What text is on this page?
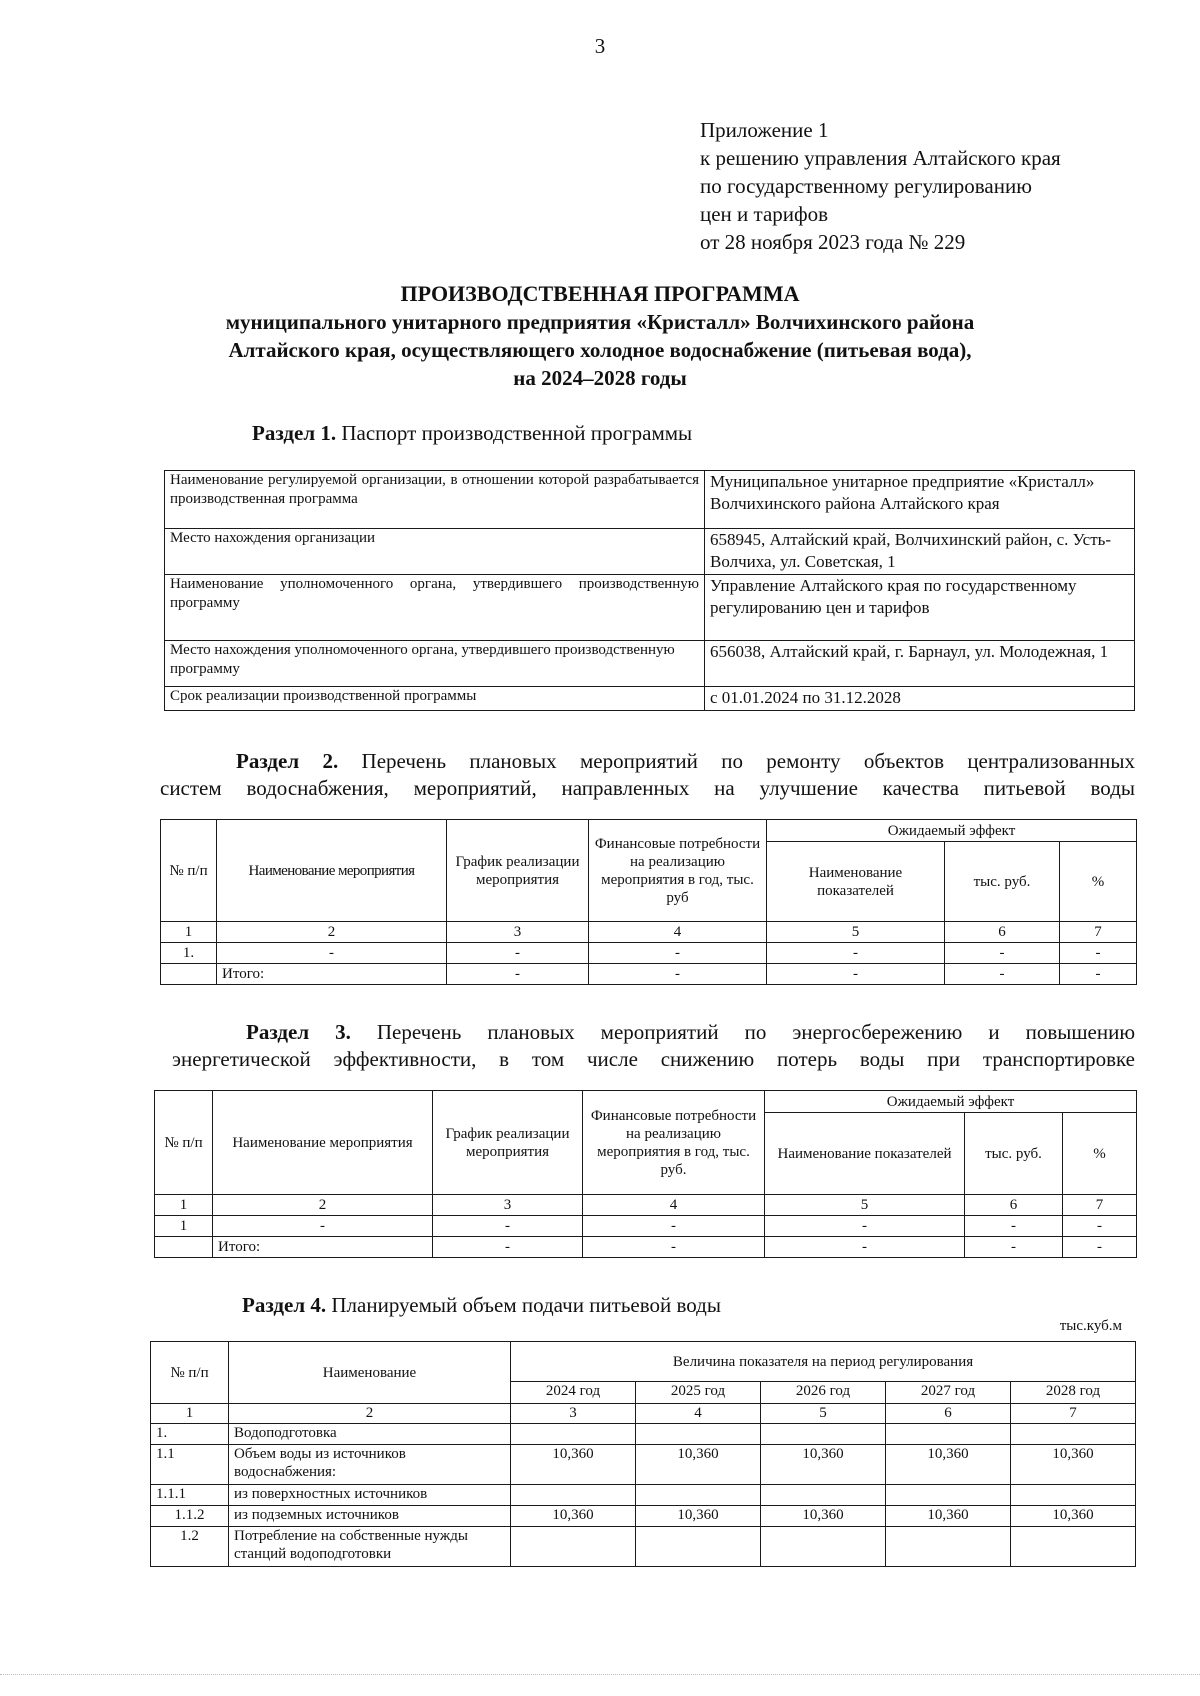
3
Приложение 1
к решению управления Алтайского края
по государственному регулированию
цен и тарифов
от 28 ноября 2023 года № 229
ПРОИЗВОДСТВЕННАЯ ПРОГРАММА
муниципального унитарного предприятия «Кристалл» Волчихинского района
Алтайского края, осуществляющего холодное водоснабжение (питьевая вода),
на 2024–2028 годы
Раздел 1. Паспорт производственной программы
Наименование регулируемой организации, в отношении которой разрабатывается производственная программа	Муниципальное унитарное предприятие «Кристалл» Волчихинского района Алтайского края
Место нахождения организации	658945, Алтайский край, Волчихинский район, с. Усть-Волчиха, ул. Советская, 1
Наименование уполномоченного органа, утвердившего производственную программу	Управление Алтайского края по государственному регулированию цен и тарифов
Место нахождения уполномоченного органа, утвердившего производственную программу	656038, Алтайский край, г. Барнаул, ул. Молодежная, 1
Срок реализации производственной программы	с 01.01.2024 по 31.12.2028
Раздел 2. Перечень плановых мероприятий по ремонту объектов централизованных
систем водоснабжения, мероприятий, направленных на улучшение качества питьевой воды
№ п/п	Наименование мероприятия	График реализации мероприятия	Финансовые потребности на реализацию мероприятия в год, тыс. руб	Ожидаемый эффект		
				Наименование показателей	тыс. руб.	%
1	2	3	4	5	6	7
1.	-	-	-	-	-	-
	Итого:	-	-	-	-	-
Раздел 3. Перечень плановых мероприятий по энергосбережению и повышению
энергетической эффективности, в том числе снижению потерь воды при транспортировке
№ п/п	Наименование мероприятия	График реализации мероприятия	Финансовые потребности на реализацию мероприятия в год, тыс. руб.	Ожидаемый эффект		
				Наименование показателей	тыс. руб.	%
1	2	3	4	5	6	7
1	-	-	-	-	-	-
	Итого:	-	-	-	-	-
Раздел 4. Планируемый объем подачи питьевой воды
тыс.куб.м
№ п/п	Наименование	Величина показателя на период регулирования				
		2024 год	2025 год	2026 год	2027 год	2028 год
1	2	3	4	5	6	7
1.	Водоподготовка					
1.1	Объем воды из источников водоснабжения:	10,360	10,360	10,360	10,360	10,360
1.1.1	из поверхностных источников					
1.1.2	из подземных источников	10,360	10,360	10,360	10,360	10,360
1.2	Потребление на собственные нужды станций водоподготовки					
